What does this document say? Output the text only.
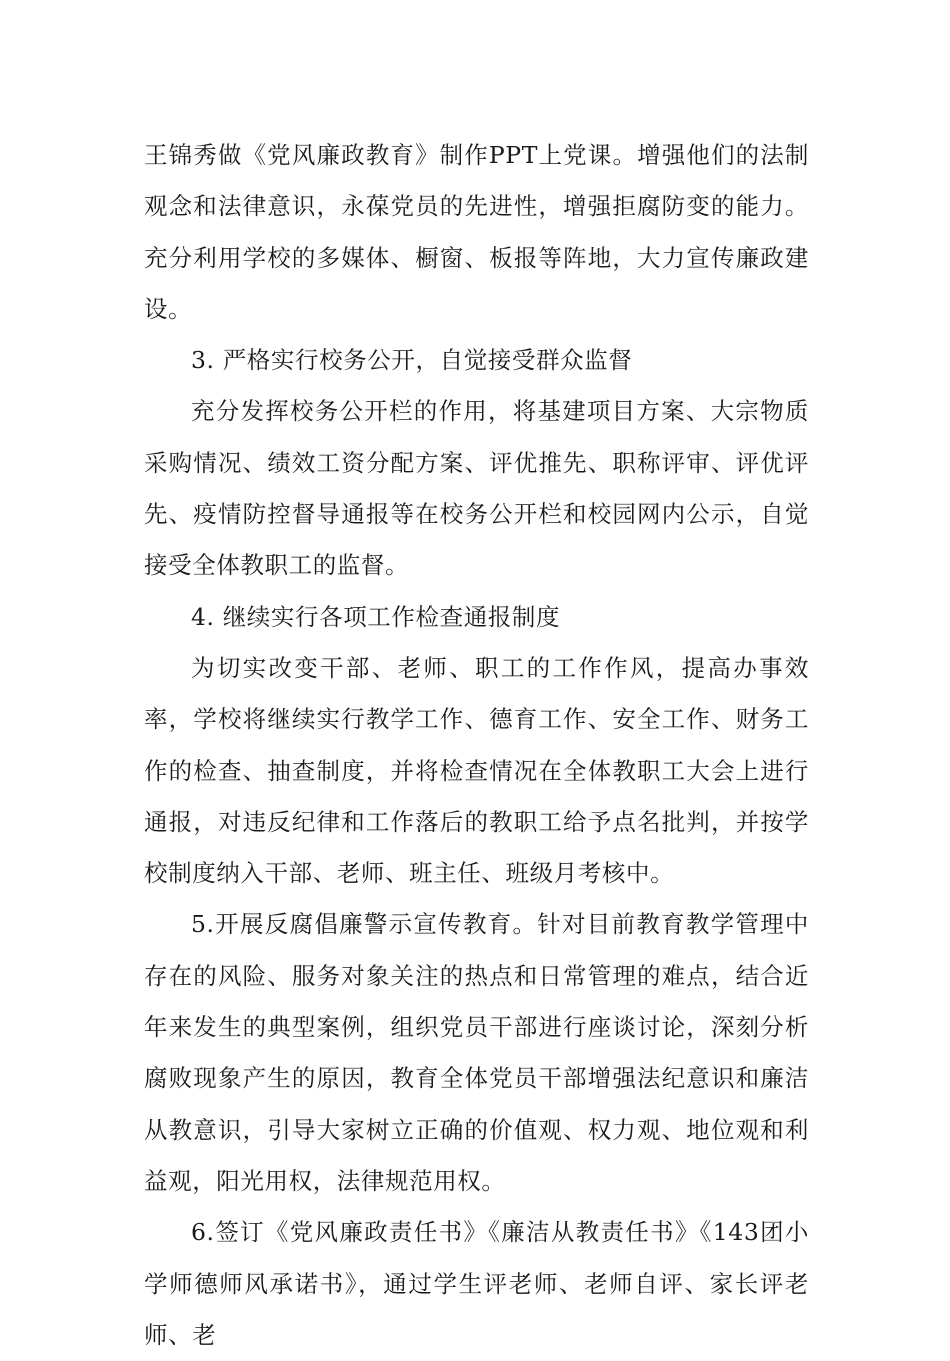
王锦秀做《党风廉政教育》制作PPT上党课。增强他们的法制观念和法律意识，永葆党员的先进性，增强拒腐防变的能力。充分利用学校的多媒体、橱窗、板报等阵地，大力宣传廉政建设。

3. 严格实行校务公开，自觉接受群众监督

充分发挥校务公开栏的作用，将基建项目方案、大宗物质采购情况、绩效工资分配方案、评优推先、职称评审、评优评先、疫情防控督导通报等在校务公开栏和校园网内公示，自觉接受全体教职工的监督。

4. 继续实行各项工作检查通报制度

为切实改变干部、老师、职工的工作作风，提高办事效率，学校将继续实行教学工作、德育工作、安全工作、财务工作的检查、抽查制度，并将检查情况在全体教职工大会上进行通报，对违反纪律和工作落后的教职工给予点名批判，并按学校制度纳入干部、老师、班主任、班级月考核中。

5.开展反腐倡廉警示宣传教育。针对目前教育教学管理中存在的风险、服务对象关注的热点和日常管理的难点，结合近年来发生的典型案例，组织党员干部进行座谈讨论，深刻分析腐败现象产生的原因，教育全体党员干部增强法纪意识和廉洁从教意识，引导大家树立正确的价值观、权力观、地位观和利益观，阳光用权，法律规范用权。

6.签订《党风廉政责任书》《廉洁从教责任书》《143团小学师德师风承诺书》，通过学生评老师、老师自评、家长评老师、老
